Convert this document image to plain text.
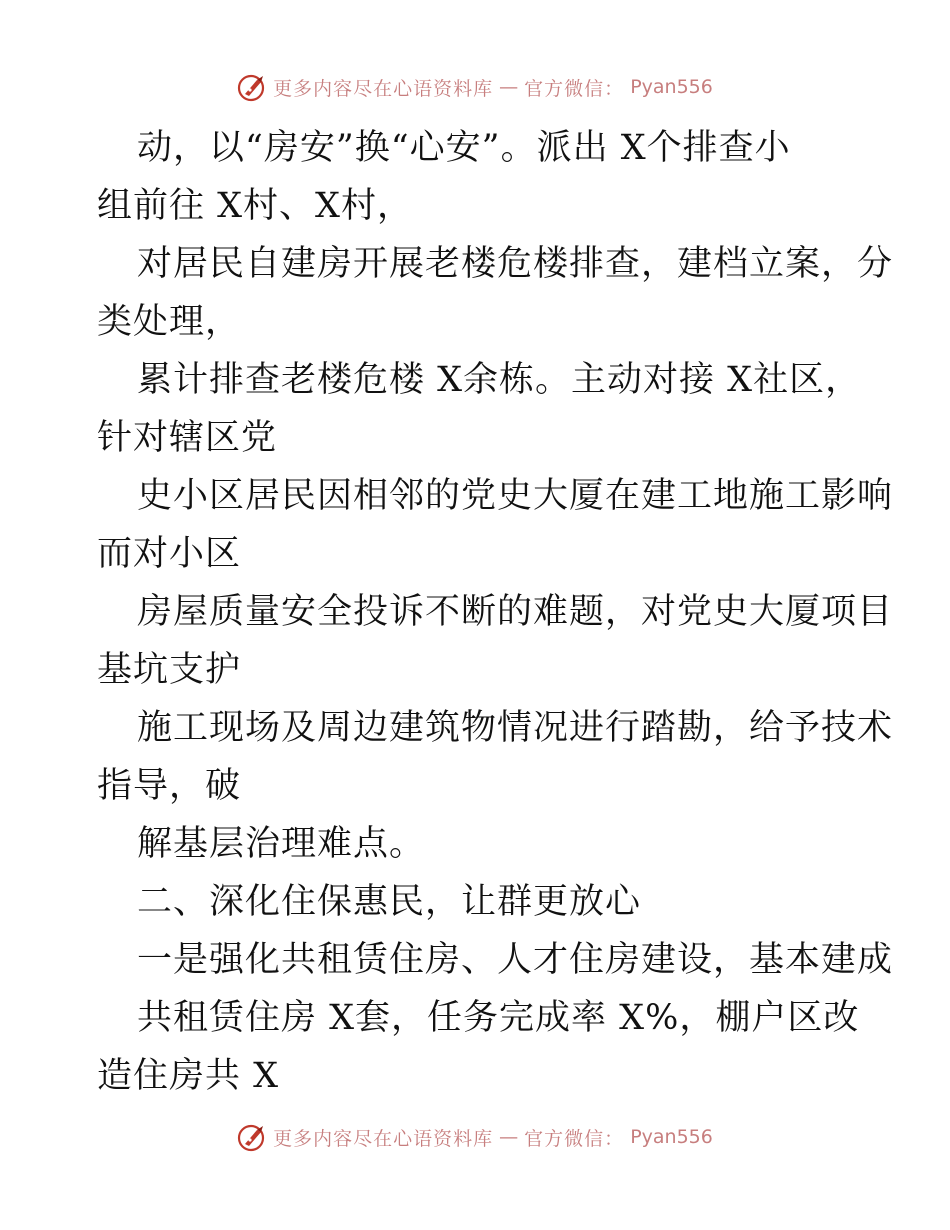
更多内容尽在心语资料库 — 官方微信： Pyan556
动，以“房安”换“心安”。派出 X个排查小
组前往 X村、X村，
对居民自建房开展老楼危楼排查，建档立案，分
类处理，
累计排查老楼危楼 X余栋。主动对接 X社区，
针对辖区党
史小区居民因相邻的党史大厦在建工地施工影响
而对小区
房屋质量安全投诉不断的难题，对党史大厦项目
基坑支护
施工现场及周边建筑物情况进行踏勘，给予技术
指导，破
解基层治理难点。
二、深化住保惠民，让群更放心
一是强化共租赁住房、人才住房建设，基本建成
共租赁住房 X套，任务完成率 X%，棚户区改
造住房共 X
更多内容尽在心语资料库 — 官方微信： Pyan556
